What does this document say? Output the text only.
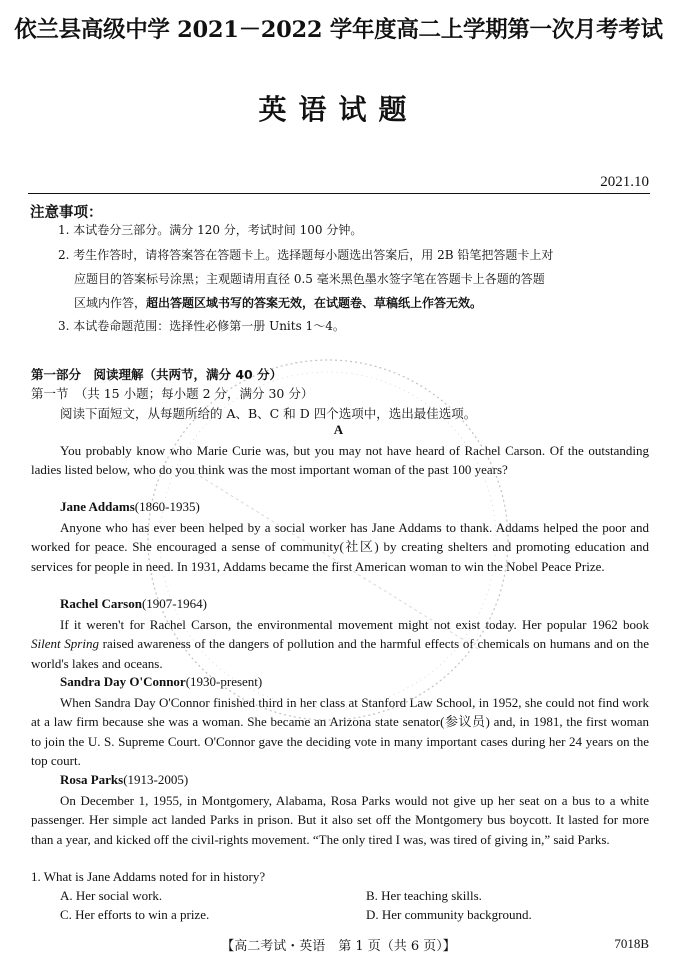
依兰县高级中学 2021－2022 学年度高二上学期第一次月考考试
英语试题
2021.10
注意事项：
1. 本试卷分三部分。满分 120 分，考试时间 100 分钟。
2. 考生作答时，请将答案答在答题卡上。选择题每小题选出答案后，用 2B 铅笔把答题卡上对
应题目的答案标号涂黑；主观题请用直径 0.5 毫米黑色墨水签字笔在答题卡上各题的答题
区域内作答，超出答题区域书写的答案无效，在试题卷、草稿纸上作答无效。
3. 本试卷命题范围：选择性必修第一册 Units 1～4。
第一部分　阅读理解（共两节，满分 40 分）
第一节　（共 15 小题；每小题 2 分，满分 30 分）
阅读下面短文，从每题所给的 A、B、C 和 D 四个选项中，选出最佳选项。
A

You probably know who Marie Curie was, but you may not have heard of Rachel Carson. Of the outstanding ladies listed below, who do you think was the most important woman of the past 100 years?

Jane Addams(1860-1935)

Anyone who has ever been helped by a social worker has Jane Addams to thank. Addams helped the poor and worked for peace. She encouraged a sense of community(社区) by creating shelters and promoting education and services for people in need. In 1931, Addams became the first American woman to win the Nobel Peace Prize.

Rachel Carson(1907-1964)

If it weren't for Rachel Carson, the environmental movement might not exist today. Her popular 1962 book Silent Spring raised awareness of the dangers of pollution and the harmful effects of chemicals on humans and on the world's lakes and oceans.

Sandra Day O'Connor(1930-present)

When Sandra Day O'Connor finished third in her class at Stanford Law School, in 1952, she could not find work at a law firm because she was a woman. She became an Arizona state senator(参议员) and, in 1981, the first woman to join the U. S. Supreme Court. O'Connor gave the deciding vote in many important cases during her 24 years on the top court.

Rosa Parks(1913-2005)

On December 1, 1955, in Montgomery, Alabama, Rosa Parks would not give up her seat on a bus to a white passenger. Her simple act landed Parks in prison. But it also set off the Montgomery bus boycott. It lasted for more than a year, and kicked off the civil-rights movement. “The only tired I was, was tired of giving in,” said Parks.

1. What is Jane Addams noted for in history?
A. Her social work.	B. Her teaching skills.
C. Her efforts to win a prize.	D. Her community background.
【高二考试・英语　第 1 页（共 6 页）】	7018B
